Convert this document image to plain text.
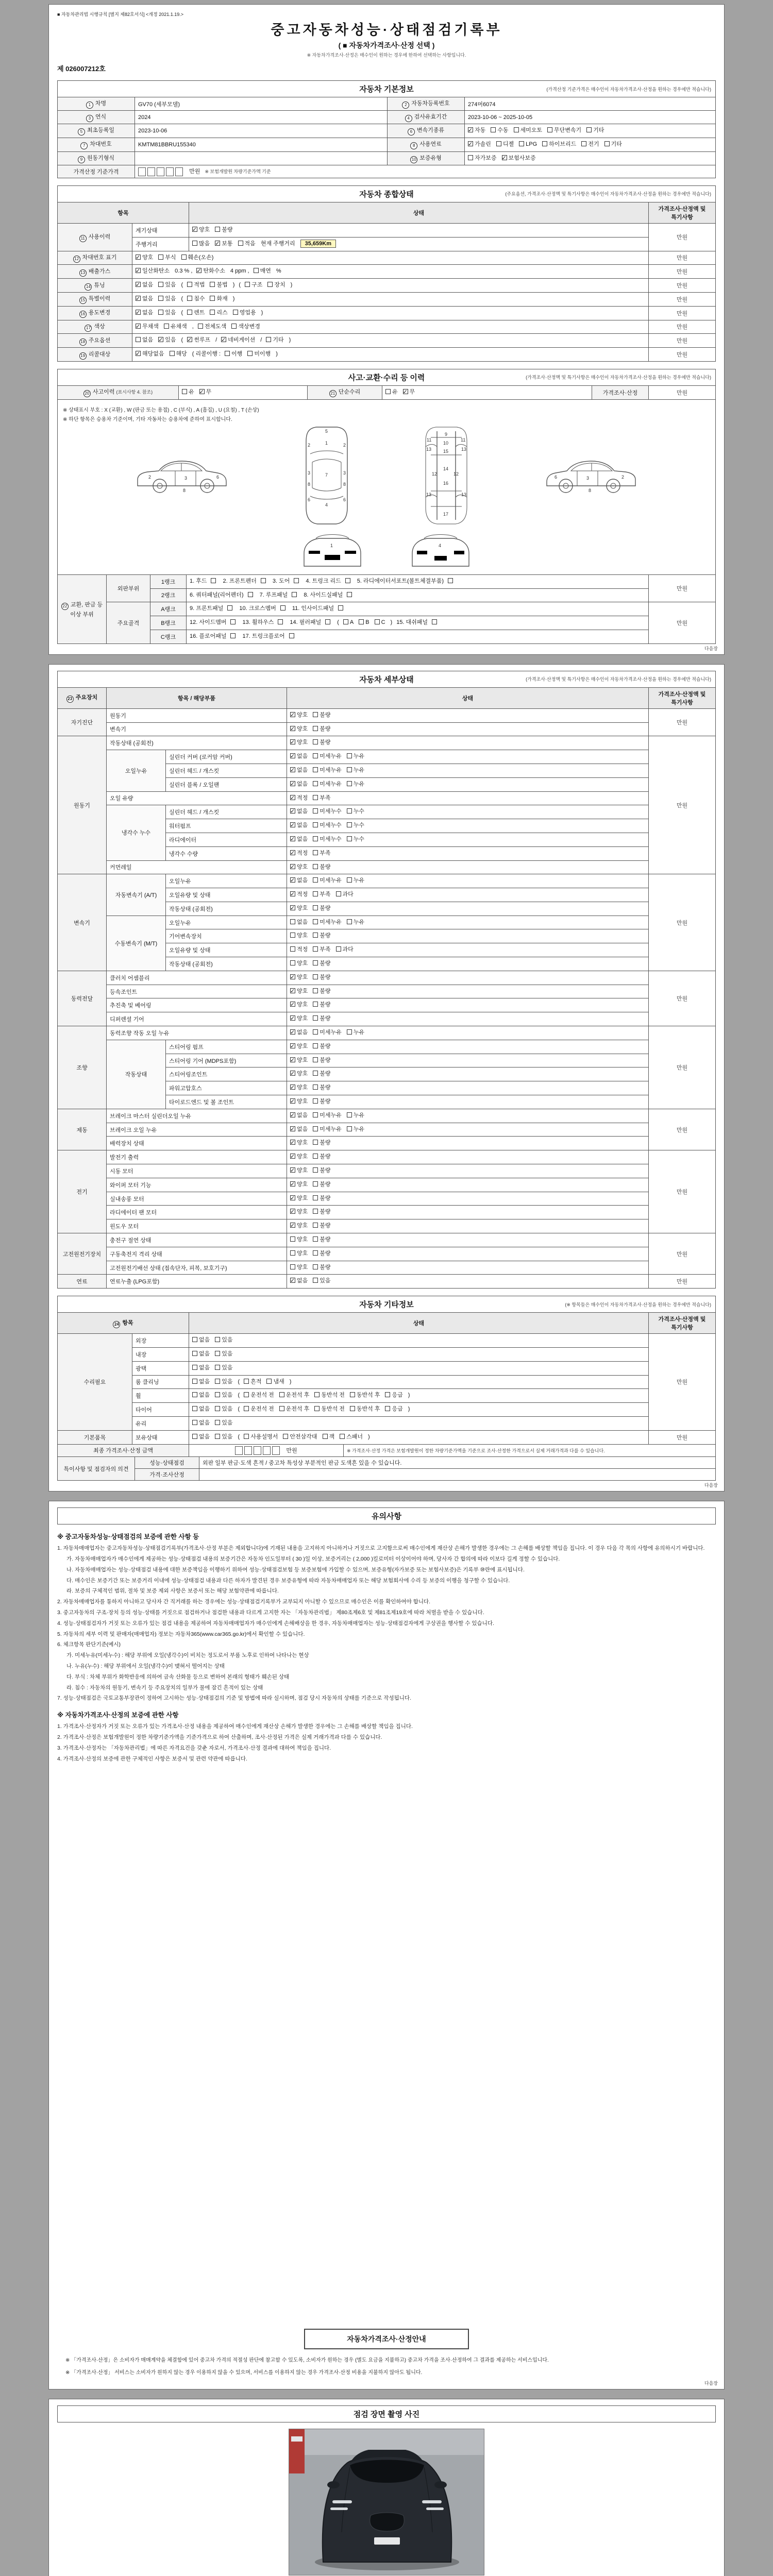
■ 자동차관리법 시행규칙 [별지 제82호서식] <개정 2021.1.19.>
중고자동차성능·상태점검기록부
( ■ 자동차가격조사·산정 선택 )
※ 자동차가격조사·산정은 매수인이 원하는 경우에 한하여 선택하는 사항입니다.
제 026007212호
자동차 기본정보	(가격산정 기준가격은 매수인이 자동차가격조사·산정을 원하는 경우에만 적습니다)
1 차명	GV70 (세부모델)	2 자동차등록번호	274머6074
3 연식	2024	4 검사유효기간	2023-10-06 ~ 2025-10-05
5 최초등록일	2023-10-06	6 변속기종류	✓자동 수동 세미오토 무단변속기 기타
7 차대번호	KMTM81BBRU155340	8 사용연료	✓가솔린 디젤 LPG 하이브리드 전기 기타
9 원동기형식		10 보증유형	자가보증 ✓ 보험사보증
가격산정 기준가격	만원 ※ 보험개발원 차량기준가액 기준		
자동차 종합상태	(주요옵션, 가격조사·산정액 및 특기사항은 매수인이 자동차가격조사·산정을 원하는 경우에만 적습니다)
항목		상태	가격조사·산정액 및 특기사항
11 사용이력	계기상태	✓양호 불량	만원
	주행거리	많음 ✓ 보통 적음 현재 주행거리 35,659Km
12 차대번호 표기	✓양호 부식 훼손(오손)		만원
13 배출가스	✓일산화탄소 0.3 % , ✓ 탄화수소 4 ppm , 매연 %		만원
14 튜닝	✓없음 있음 ( 적법 불법 ) ( 구조 장치 )		만원
15 특별이력	✓없음 있음 ( 침수 화재 )		만원
16 용도변경	✓없음 있음 ( 렌트 리스 영업용 )		만원
17 색상	✓무채색 유채색 , 전체도색 색상변경		만원
18 주요옵션	없음 ✓ 있음 ( ✓ 썬루프 / ✓ 네비게이션 / 기타 )		만원
19 리콜대상	✓해당없음 해당 ( 리콜이행 : 이행 미이행 )		만원
사고·교환·수리 등 이력	(가격조사·산정액 및 특기사항은 매수인이 자동차가격조사·산정을 원하는 경우에만 적습니다)
20 사고이력 (표시사항 4. 참조)	유 ✓ 무	21 단순수리	유 ✓ 무	가격조사·산정	만원
※ 상태표시 부호 : X (교환) , W (판금 또는 용접) , C (부식) , A (흠집) , U (요철) , T (손상)
※ 하단 항목은 승용차 기준이며, 기타 자동차는 승용차에 준하여 표시합니다.
2	3	6
8
5
1
7
4
2	2
3	3
6	6
8	8
9
10
11	11
15
13	13
12	12
14
16
13	13
17
2
3
6
8
1	4
22 교환, 판금 등 이상 부위	외판부위	1랭크	1. 후드 2. 프론트펜더 3. 도어 4. 트렁크 리드 5. 라디에이터서포트(볼트체결부품)	만원
		2랭크	6. 쿼터패널(리어펜더) 7. 루프패널 8. 사이드실패널	
	주요골격	A랭크	9. 프론트패널 10. 크로스멤버 11. 인사이드패널	만원
		B랭크	12. 사이드멤버 13. 휠하우스 14. 필러패널 ( A B C ) 15. 대쉬패널	
		C랭크	16. 플로어패널 17. 트렁크플로어	
다음장
자동차 세부상태	(가격조사·산정액 및 특기사항은 매수인이 자동차가격조사·산정을 원하는 경우에만 적습니다)
23 주요장치	항목 / 해당부품		상태	가격조사·산정액 및 특기사항
자기진단	원동기	✓양호 불량	만원
	변속기	✓양호 불량
원동기	작동상태 (공회전)	✓양호 불량	만원
	오일누유	실린더 커버 (로커암 커버)	✓없음 미세누유 누유
		실린더 헤드 / 개스킷	✓없음 미세누유 누유
		실린더 블록 / 오일팬	✓없음 미세누유 누유
	오일 유량	✓적정 부족
	냉각수 누수	실린더 헤드 / 개스킷	✓없음 미세누수 누수
		워터펌프	✓없음 미세누수 누수
		라디에이터	✓없음 미세누수 누수
		냉각수 수량	✓적정 부족
	커먼레일	✓양호 불량
변속기	자동변속기 (A/T)	오일누유	✓없음 미세누유 누유	만원
		오일유량 및 상태	✓적정 부족 과다
		작동상태 (공회전)	✓양호 불량
	수동변속기 (M/T)	오일누유	없음 미세누유 누유	
		기어변속장치	양호 불량	
		오일유량 및 상태	적정 부족 과다	
		작동상태 (공회전)	양호 불량	
동력전달	클러치 어셈블리	✓양호 불량	만원
	등속조인트	✓양호 불량
	추진축 및 베어링	✓양호 불량
	디퍼렌셜 기어	✓양호 불량
조향	동력조향 작동 오일 누유	✓없음 미세누유 누유	만원
	작동상태	스티어링 펌프	✓양호 불량
		스티어링 기어 (MDPS포함)	✓양호 불량
		스티어링조인트	✓양호 불량
		파워고압호스	✓양호 불량
		타이로드엔드 및 볼 조인트	✓양호 불량
제동	브레이크 마스터 실린더오일 누유	✓없음 미세누유 누유	만원
	브레이크 오일 누유	✓없음 미세누유 누유
	배력장치 상태	✓양호 불량
전기	발전기 출력	✓양호 불량	만원
	시동 모터	✓양호 불량
	와이퍼 모터 기능	✓양호 불량
	실내송풍 모터	✓양호 불량
	라디에이터 팬 모터	✓양호 불량
	윈도우 모터	✓양호 불량
고전원전기장치	충전구 절연 상태		양호 불량	만원
	구동축전지 격리 상태		양호 불량	
	고전원전기배선 상태 (접속단자, 피복, 보호기구)		양호 불량	
연료	연료누출 (LPG포함)	✓없음 있음	만원
자동차 기타정보	(※ 항목들은 매수인이 자동차가격조사·산정을 원하는 경우에만 적습니다)
24 항목		상태	가격조사·산정액 및 특기사항
수리필요	외장	없음 있음	만원
	내장	없음 있음	
	광택	없음 있음	
	룸 클리닝	없음 있음 ( 흔적 냄새 )	
	휠	없음 있음 ( 운전석 전 운전석 후 동반석 전 동반석 후 응급 )	
	타이어	없음 있음 ( 운전석 전 운전석 후 동반석 전 동반석 후 응급 )	
	유리	없음 있음	
기본품목	보유상태	없음 있음 ( 사용설명서 안전삼각대 잭 스패너 )	만원
최종 가격조사·산정 금액	만원	※ 가격조사·산정 가격은 보험개발원이 정한 차량기준가액을 기준으로 조사·산정한 가격으로서 실제 거래가격과 다를 수 있습니다.
특이사항 및 점검자의 의견	성능·상태점검	외판 일부 판금·도색 흔적 / 중고차 특성상 부분적인 판금 도색흔 있을 수 있습니다.
	가격·조사산정	
다음장
유의사항
※ 중고자동차성능·상태점검의 보증에 관한 사항 등
1. 자동차매매업자는 중고자동차성능·상태점검기록부(가격조사·산정 부분은 제외합니다)에 기재된 내용을 고지하지 아니하거나 거짓으로 고지함으로써 매수인에게 재산상 손해가 발생한 경우에는 그 손해를 배상할 책임을 집니다. 이 경우 다음 각 목의 사항에 유의하시기 바랍니다.
가. 자동차매매업자가 매수인에게 제공하는 성능·상태점검 내용의 보증기간은 자동차 인도일부터 ( 30 )일 이상, 보증거리는 ( 2,000 )킬로미터 이상이어야 하며, 당사자 간 합의에 따라 이보다 길게 정할 수 있습니다.
나. 자동차매매업자는 성능·상태점검 내용에 대한 보증책임을 이행하기 위하여 성능·상태점검보험 등 보증보험에 가입할 수 있으며, 보증유형(자가보증 또는 보험사보증)은 기록부 ⑩란에 표시됩니다.
다. 매수인은 보증기간 또는 보증거리 이내에 성능·상태점검 내용과 다른 하자가 발견된 경우 보증유형에 따라 자동차매매업자 또는 해당 보험회사에 수리 등 보증의 이행을 청구할 수 있습니다.
라. 보증의 구체적인 범위, 절차 및 보증 제외 사항은 보증서 또는 해당 보험약관에 따릅니다.
2. 자동차매매업자를 통하지 아니하고 당사자 간 직거래를 하는 경우에는 성능·상태점검기록부가 교부되지 아니할 수 있으므로 매수인은 이를 확인하여야 합니다.
3. 중고자동차의 구조·장치 등의 성능·상태를 거짓으로 점검하거나 점검한 내용과 다르게 고지한 자는 「자동차관리법」 제80조제6호 및 제81조제19호에 따라 처벌을 받을 수 있습니다.
4. 성능·상태점검자가 거짓 또는 오류가 있는 점검 내용을 제공하여 자동차매매업자가 매수인에게 손해배상을 한 경우, 자동차매매업자는 성능·상태점검자에게 구상권을 행사할 수 있습니다.
5. 자동차의 세부 이력 및 판매자(매매업자) 정보는 자동차365(www.car365.go.kr)에서 확인할 수 있습니다.
6. 체크항목 판단기준(예시)
가. 미세누유(미세누수) : 해당 부위에 오일(냉각수)이 비치는 정도로서 부품 노후로 인하여 나타나는 현상
나. 누유(누수) : 해당 부위에서 오일(냉각수)이 맺혀서 떨어지는 상태
다. 부식 : 차체 부위가 화학반응에 의하여 금속 산화물 등으로 변하여 본래의 형태가 훼손된 상태
라. 침수 : 자동차의 원동기, 변속기 등 주요장치의 일부가 물에 잠긴 흔적이 있는 상태
7. 성능·상태점검은 국토교통부장관이 정하여 고시하는 성능·상태점검의 기준 및 방법에 따라 실시하며, 점검 당시 자동차의 상태를 기준으로 작성됩니다.
※ 자동차가격조사·산정의 보증에 관한 사항
1. 가격조사·산정자가 거짓 또는 오류가 있는 가격조사·산정 내용을 제공하여 매수인에게 재산상 손해가 발생한 경우에는 그 손해를 배상할 책임을 집니다.
2. 가격조사·산정은 보험개발원이 정한 차량기준가액을 기준가격으로 하여 산출하며, 조사·산정된 가격은 실제 거래가격과 다를 수 있습니다.
3. 가격조사·산정자는 「자동차관리법」에 따른 자격요건을 갖춘 자로서, 가격조사·산정 결과에 대하여 책임을 집니다.
4. 가격조사·산정의 보증에 관한 구체적인 사항은 보증서 및 관련 약관에 따릅니다.
자동차가격조사·산정안내
※ 「가격조사·산정」은 소비자가 매매계약을 체결함에 있어 중고차 가격의 적절성 판단에 참고할 수 있도록, 소비자가 원하는 경우 (별도 요금을 지불하고) 중고차 가격을 조사·산정하여 그 결과를 제공하는 서비스입니다.
※ 「가격조사·산정」 서비스는 소비자가 원하지 않는 경우 이용하지 않을 수 있으며, 서비스를 이용하지 않는 경우 가격조사·산정 비용을 지불하지 않아도 됩니다.
다음장
점검 장면 촬영 사진
